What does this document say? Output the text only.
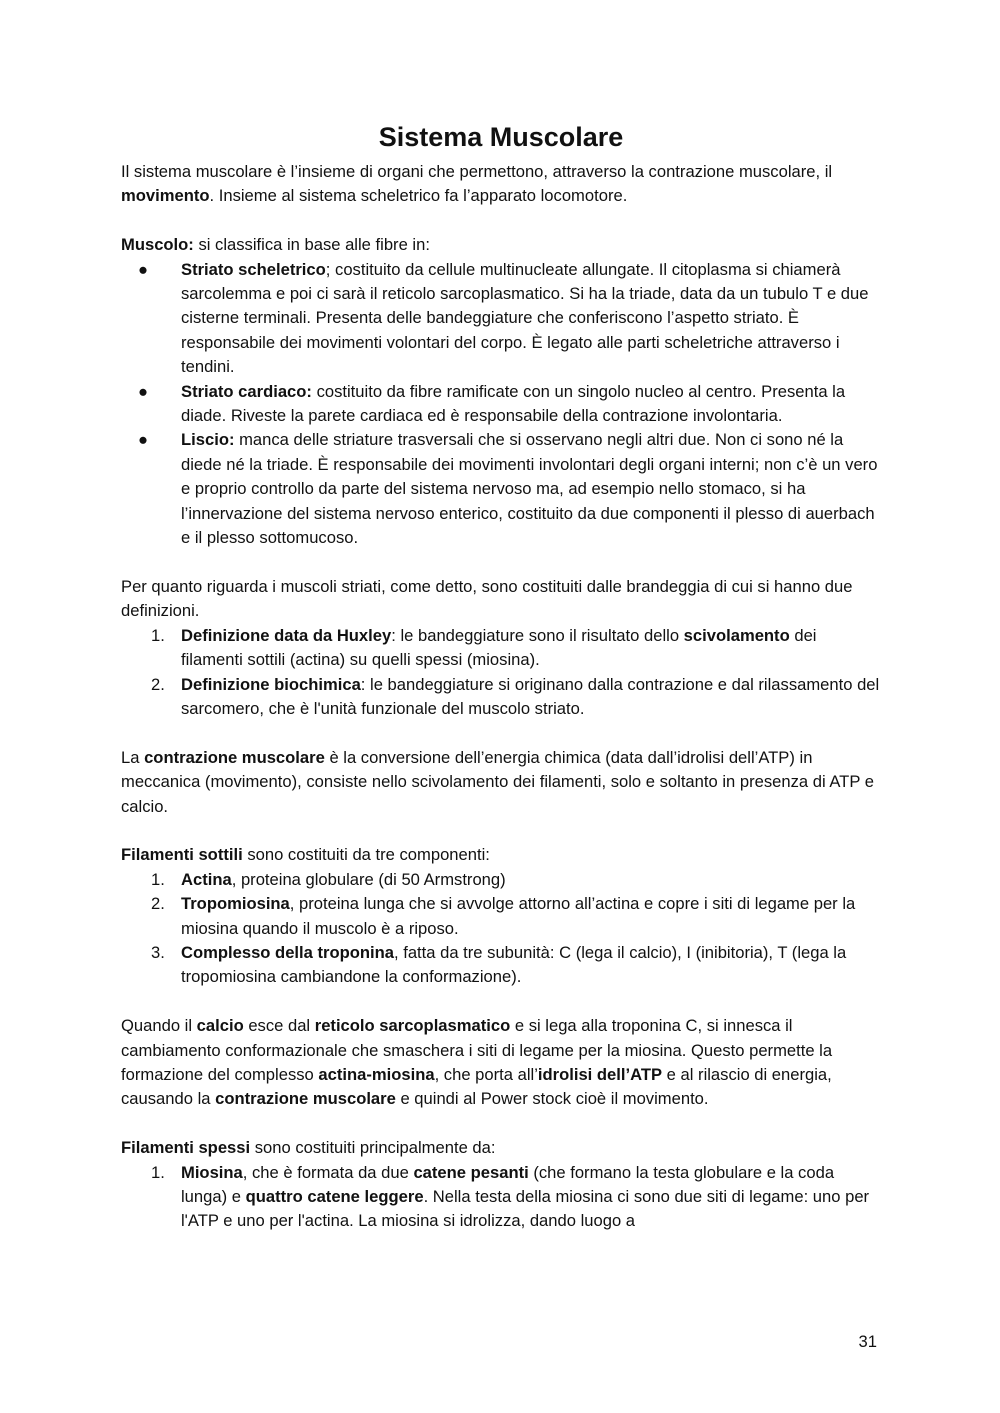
Sistema Muscolare

Il sistema muscolare è l’insieme di organi che permettono, attraverso la contrazione muscolare, il movimento. Insieme al sistema scheletrico fa l’apparato locomotore.

Muscolo: si classifica in base alle fibre in:

● Striato scheletrico; costituito da cellule multinucleate allungate. Il citoplasma si chiamerà sarcolemma e poi ci sarà il reticolo sarcoplasmatico. Si ha la triade, data da un tubulo T e due cisterne terminali. Presenta delle bandeggiature che conferiscono l’aspetto striato. È responsabile dei movimenti volontari del corpo. È legato alle parti scheletriche attraverso i tendini.
● Striato cardiaco: costituito da fibre ramificate con un singolo nucleo al centro. Presenta la diade. Riveste la parete cardiaca ed è responsabile della contrazione involontaria.
● Liscio: manca delle striature trasversali che si osservano negli altri due. Non ci sono né la diede né la triade. È responsabile dei movimenti involontari degli organi interni; non c’è un vero e proprio controllo da parte del sistema nervoso ma, ad esempio nello stomaco, si ha l’innervazione del sistema nervoso enterico, costituito da due componenti il plesso di auerbach e il plesso sottomucoso.

Per quanto riguarda i muscoli striati, come detto, sono costituiti dalle brandeggia di cui si hanno due definizioni.

1. Definizione data da Huxley: le bandeggiature sono il risultato dello scivolamento dei filamenti sottili (actina) su quelli spessi (miosina).
2. Definizione biochimica: le bandeggiature si originano dalla contrazione e dal rilassamento del sarcomero, che è l'unità funzionale del muscolo striato.

La contrazione muscolare è la conversione dell’energia chimica (data dall’idrolisi dell’ATP) in meccanica (movimento), consiste nello scivolamento dei filamenti, solo e soltanto in presenza di ATP e calcio.

Filamenti sottili sono costituiti da tre componenti:

1. Actina, proteina globulare (di 50 Armstrong)
2. Tropomiosina, proteina lunga che si avvolge attorno all’actina e copre i siti di legame per la miosina quando il muscolo è a riposo.
3. Complesso della troponina, fatta da tre subunità: C (lega il calcio), I (inibitoria), T (lega la tropomiosina cambiandone la conformazione).

Quando il calcio esce dal reticolo sarcoplasmatico e si lega alla troponina C, si innesca il cambiamento conformazionale che smaschera i siti di legame per la miosina. Questo permette la formazione del complesso actina-miosina, che porta all’idrolisi dell’ATP e al rilascio di energia, causando la contrazione muscolare e quindi al Power stock cioè il movimento.

Filamenti spessi sono costituiti principalmente da:

1. Miosina, che è formata da due catene pesanti (che formano la testa globulare e la coda lunga) e quattro catene leggere. Nella testa della miosina ci sono due siti di legame: uno per l'ATP e uno per l'actina. La miosina si idrolizza, dando luogo a
31
